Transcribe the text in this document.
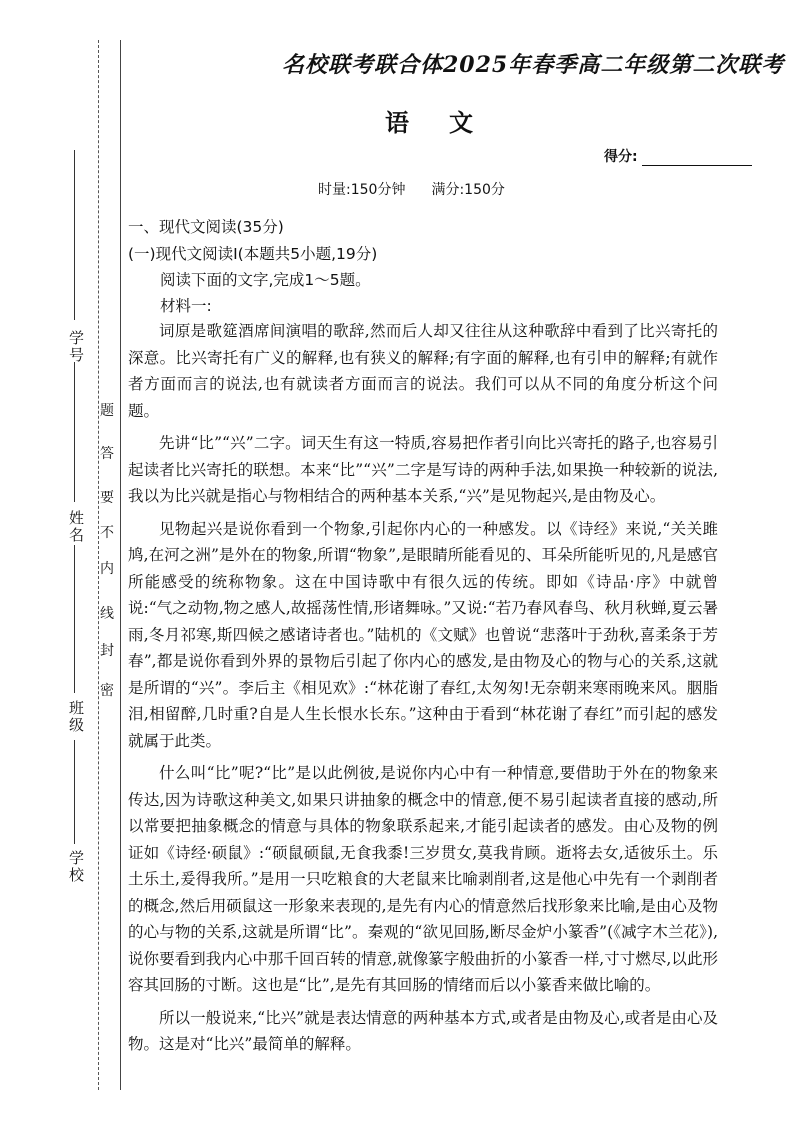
学号
姓名
班级
学校
题
答
要
不
内
线
封
密
名校联考联合体2025年春季高二年级第二次联考
语文
得分:
时量:150分钟 满分:150分
一、现代文阅读(35分)
(一)现代文阅读Ⅰ(本题共5小题,19分)
阅读下面的文字,完成1～5题。
材料一:

词原是歌筵酒席间演唱的歌辞,然而后人却又往往从这种歌辞中看到了比兴寄托的深意。比兴寄托有广义的解释,也有狭义的解释;有字面的解释,也有引申的解释;有就作者方面而言的说法,也有就读者方面而言的说法。我们可以从不同的角度分析这个问题。

先讲“比”“兴”二字。词天生有这一特质,容易把作者引向比兴寄托的路子,也容易引起读者比兴寄托的联想。本来“比”“兴”二字是写诗的两种手法,如果换一种较新的说法,我以为比兴就是指心与物相结合的两种基本关系,“兴”是见物起兴,是由物及心。

见物起兴是说你看到一个物象,引起你内心的一种感发。以《诗经》来说,“关关雎鸠,在河之洲”是外在的物象,所谓“物象”,是眼睛所能看见的、耳朵所能听见的,凡是感官所能感受的统称物象。这在中国诗歌中有很久远的传统。即如《诗品·序》中就曾说:“气之动物,物之感人,故摇荡性情,形诸舞咏。”又说:“若乃春风春鸟、秋月秋蝉,夏云暑雨,冬月祁寒,斯四候之感诸诗者也。”陆机的《文赋》也曾说“悲落叶于劲秋,喜柔条于芳春”,都是说你看到外界的景物后引起了你内心的感发,是由物及心的物与心的关系,这就是所谓的“兴”。李后主《相见欢》:“林花谢了春红,太匆匆!无奈朝来寒雨晚来风。胭脂泪,相留醉,几时重?自是人生长恨水长东。”这种由于看到“林花谢了春红”而引起的感发就属于此类。

什么叫“比”呢?“比”是以此例彼,是说你内心中有一种情意,要借助于外在的物象来传达,因为诗歌这种美文,如果只讲抽象的概念中的情意,便不易引起读者直接的感动,所以常要把抽象概念的情意与具体的物象联系起来,才能引起读者的感发。由心及物的例证如《诗经·硕鼠》:“硕鼠硕鼠,无食我黍!三岁贯女,莫我肯顾。逝将去女,适彼乐土。乐土乐土,爰得我所。”是用一只吃粮食的大老鼠来比喻剥削者,这是他心中先有一个剥削者的概念,然后用硕鼠这一形象来表现的,是先有内心的情意然后找形象来比喻,是由心及物的心与物的关系,这就是所谓“比”。秦观的“欲见回肠,断尽金炉小篆香”(《减字木兰花》),说你要看到我内心中那千回百转的情意,就像篆字般曲折的小篆香一样,寸寸燃尽,以此形容其回肠的寸断。这也是“比”,是先有其回肠的情绪而后以小篆香来做比喻的。

所以一般说来,“比兴”就是表达情意的两种基本方式,或者是由物及心,或者是由心及物。这是对“比兴”最简单的解释。
